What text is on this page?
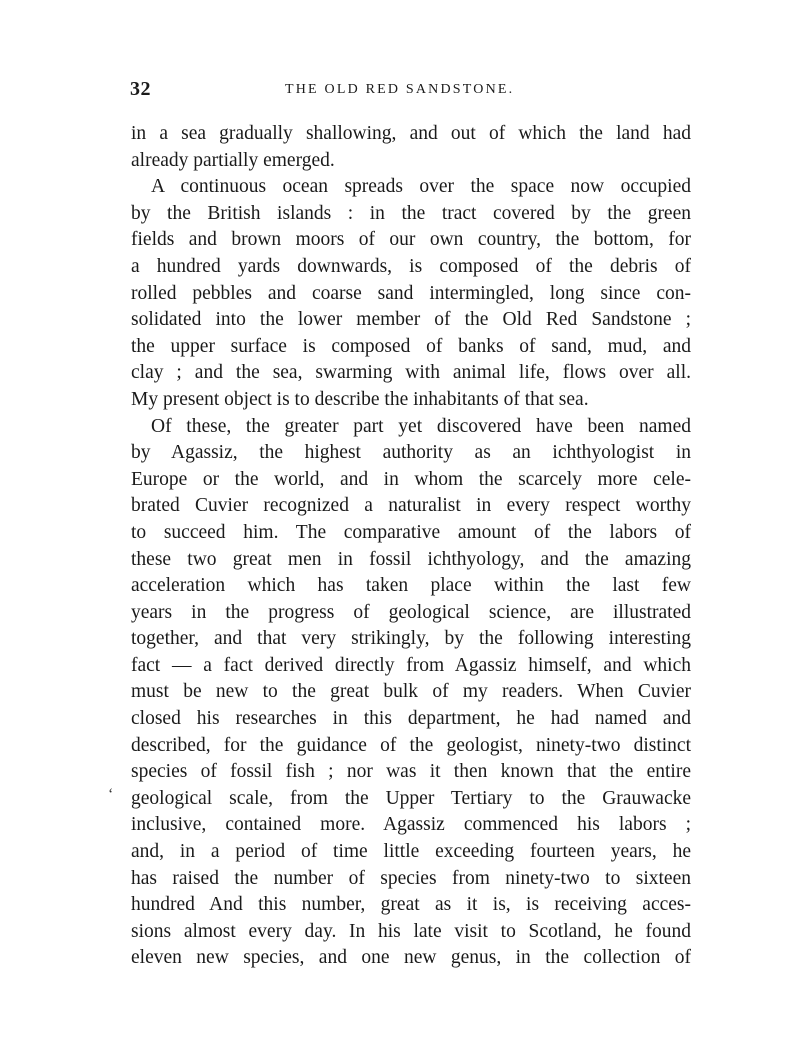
32	THE OLD RED SANDSTONE.
‘
in a sea gradually shallowing, and out of which the land had
already partially emerged.
A continuous ocean spreads over the space now occupied
by the British islands : in the tract covered by the green
fields and brown moors of our own country, the bottom, for
a hundred yards downwards, is composed of the debris of
rolled pebbles and coarse sand intermingled, long since con-
solidated into the lower member of the Old Red Sandstone ;
the upper surface is composed of banks of sand, mud, and
clay ; and the sea, swarming with animal life, flows over all.
My present object is to describe the inhabitants of that sea.
Of these, the greater part yet discovered have been named
by Agassiz, the highest authority as an ichthyologist in
Europe or the world, and in whom the scarcely more cele-
brated Cuvier recognized a naturalist in every respect worthy
to succeed him. The comparative amount of the labors of
these two great men in fossil ichthyology, and the amazing
acceleration which has taken place within the last few
years in the progress of geological science, are illustrated
together, and that very strikingly, by the following interesting
fact — a fact derived directly from Agassiz himself, and which
must be new to the great bulk of my readers. When Cuvier
closed his researches in this department, he had named and
described, for the guidance of the geologist, ninety-two distinct
species of fossil fish ; nor was it then known that the entire
geological scale, from the Upper Tertiary to the Grauwacke
inclusive, contained more. Agassiz commenced his labors ;
and, in a period of time little exceeding fourteen years, he
has raised the number of species from ninety-two to sixteen
hundred And this number, great as it is, is receiving acces-
sions almost every day. In his late visit to Scotland, he found
eleven new species, and one new genus, in the collection of
